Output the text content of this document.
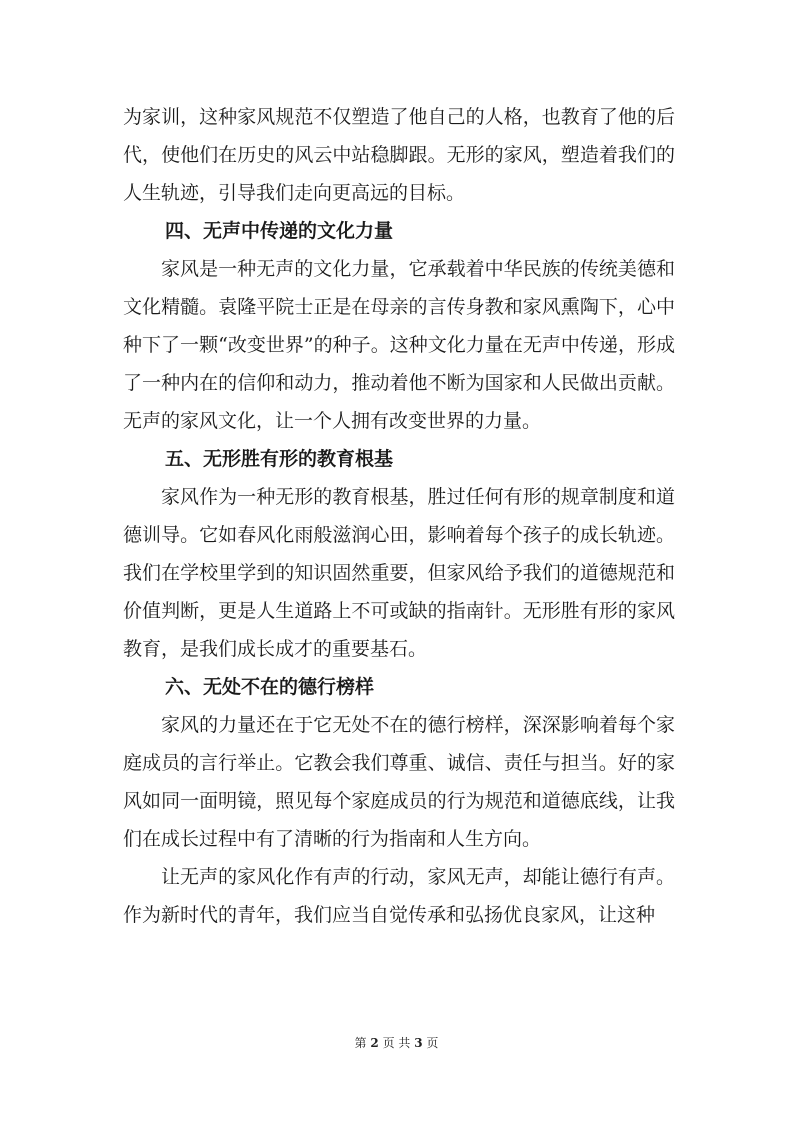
为家训，这种家风规范不仅塑造了他自己的人格，也教育了他的后代，使他们在历史的风云中站稳脚跟。无形的家风，塑造着我们的人生轨迹，引导我们走向更高远的目标。

四、无声中传递的文化力量

家风是一种无声的文化力量，它承载着中华民族的传统美德和文化精髓。袁隆平院士正是在母亲的言传身教和家风熏陶下，心中种下了一颗“改变世界”的种子。这种文化力量在无声中传递，形成了一种内在的信仰和动力，推动着他不断为国家和人民做出贡献。无声的家风文化，让一个人拥有改变世界的力量。

五、无形胜有形的教育根基

家风作为一种无形的教育根基，胜过任何有形的规章制度和道德训导。它如春风化雨般滋润心田，影响着每个孩子的成长轨迹。我们在学校里学到的知识固然重要，但家风给予我们的道德规范和价值判断，更是人生道路上不可或缺的指南针。无形胜有形的家风教育，是我们成长成才的重要基石。

六、无处不在的德行榜样

家风的力量还在于它无处不在的德行榜样，深深影响着每个家庭成员的言行举止。它教会我们尊重、诚信、责任与担当。好的家风如同一面明镜，照见每个家庭成员的行为规范和道德底线，让我们在成长过程中有了清晰的行为指南和人生方向。

让无声的家风化作有声的行动，家风无声，却能让德行有声。作为新时代的青年，我们应当自觉传承和弘扬优良家风，让这种

第 2 页 共 3 页
